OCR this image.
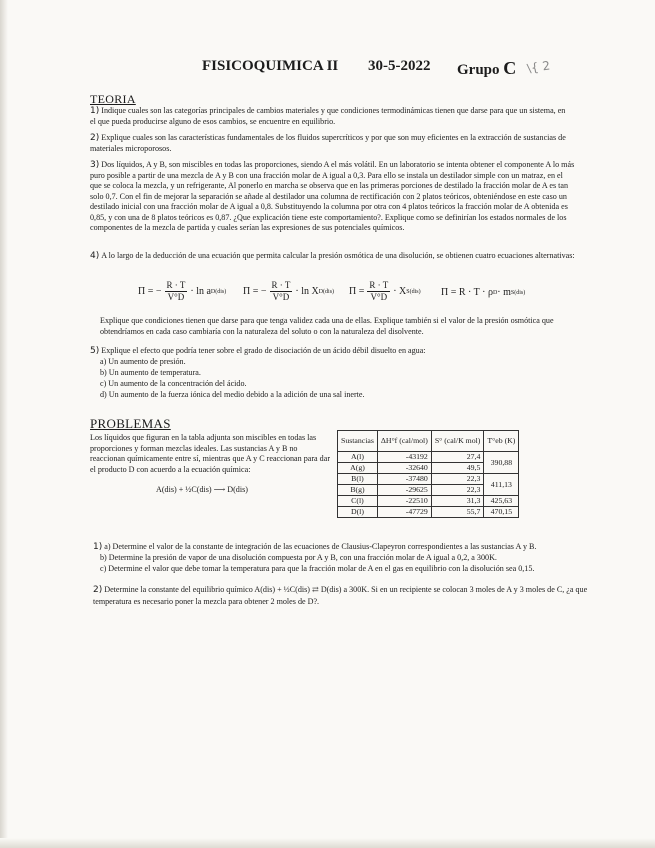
FISICOQUIMICA II 30-5-2022 Grupo C \{ 2
TEORIA

1) Indique cuales son las categorías principales de cambios materiales y que condiciones termodinámicas tienen que darse para que un sistema, en el que pueda producirse alguno de esos cambios, se encuentre en equilibrio.

2) Explique cuales son las características fundamentales de los fluidos supercríticos y por que son muy eficientes en la extracción de sustancias de materiales microporosos.

3) Dos líquidos, A y B, son miscibles en todas las proporciones, siendo A el más volátil. En un laboratorio se intenta obtener el componente A lo más puro posible a partir de una mezcla de A y B con una fracción molar de A igual a 0,3. Para ello se instala un destilador simple con un matraz, en el que se coloca la mezcla, y un refrigerante, Al ponerlo en marcha se observa que en las primeras porciones de destilado la fracción molar de A es tan solo 0,7. Con el fin de mejorar la separación se añade al destilador una columna de rectificación con 2 platos teóricos, obteniéndose en este caso un destilado inicial con una fracción molar de A igual a 0,8. Substituyendo la columna por otra con 4 platos teóricos la fracción molar de A obtenida es 0,85, y con una de 8 platos teóricos es 0,87. ¿Que explicación tiene este comportamiento?. Explique como se definirían los estados normales de los componentes de la mezcla de partida y cuales serían las expresiones de sus potenciales químicos.

4) A lo largo de la deducción de una ecuación que permita calcular la presión osmótica de una disolución, se obtienen cuatro ecuaciones alternativas:

Π = − $\frac{R \cdot T}{V^\circ D} \cdot \ln a$ D(dis) Π = − $\frac{R \cdot T}{V^\circ D} \cdot \ln X$ D(dis) $\Pi = \frac{R \cdot T}{V^\circ D} \cdot X$ S(dis) Π = R · T · ρ D · m S(dis)

Explique que condiciones tienen que darse para que tenga validez cada una de ellas. Explique también si el valor de la presión osmótica que obtendríamos en cada caso cambiaría con la naturaleza del soluto o con la naturaleza del disolvente.

5) Explique el efecto que podría tener sobre el grado de disociación de un ácido débil disuelto en agua:

a) Un aumento de presión.
b) Un aumento de temperatura.
c) Un aumento de la concentración del ácido.
d) Un aumento de la fuerza iónica del medio debido a la adición de una sal inerte.
PROBLEMAS

Los líquidos que figuran en la tabla adjunta son miscibles en todas las proporciones y forman mezclas ideales. Las sustancias A y B no reaccionan químicamente entre sí, mientras que A y C reaccionan para dar el producto D con acuerdo a la ecuación química:

A(dis) + ½C(dis) ⟶ D(dis)
Sustancias	ΔH°f (cal/mol)	S° (cal/K mol)	T°eb (K)
A(l)	-43192	27,4	390,88
A(g)	-32640	49,5	
B(l)	-37480	22,3	411,13
B(g)	-29625	22,3	
C(l)	-22510	31,3	425,63
D(l)	-47729	55,7	470,15
1) a) Determine el valor de la constante de integración de las ecuaciones de Clausius-Clapeyron correspondientes a las sustancias A y B.
b) Determine la presión de vapor de una disolución compuesta por A y B, con una fracción molar de A igual a 0,2, a 300K.
c) Determine el valor que debe tomar la temperatura para que la fracción molar de A en el gas en equilibrio con la disolución sea 0,15.
2) Determine la constante del equilibrio químico A(dis) + ½C(dis) ⇄ D(dis) a 300K. Si en un recipiente se colocan 3 moles de A y 3 moles de C, ¿a que temperatura es necesario poner la mezcla para obtener 2 moles de D?.
